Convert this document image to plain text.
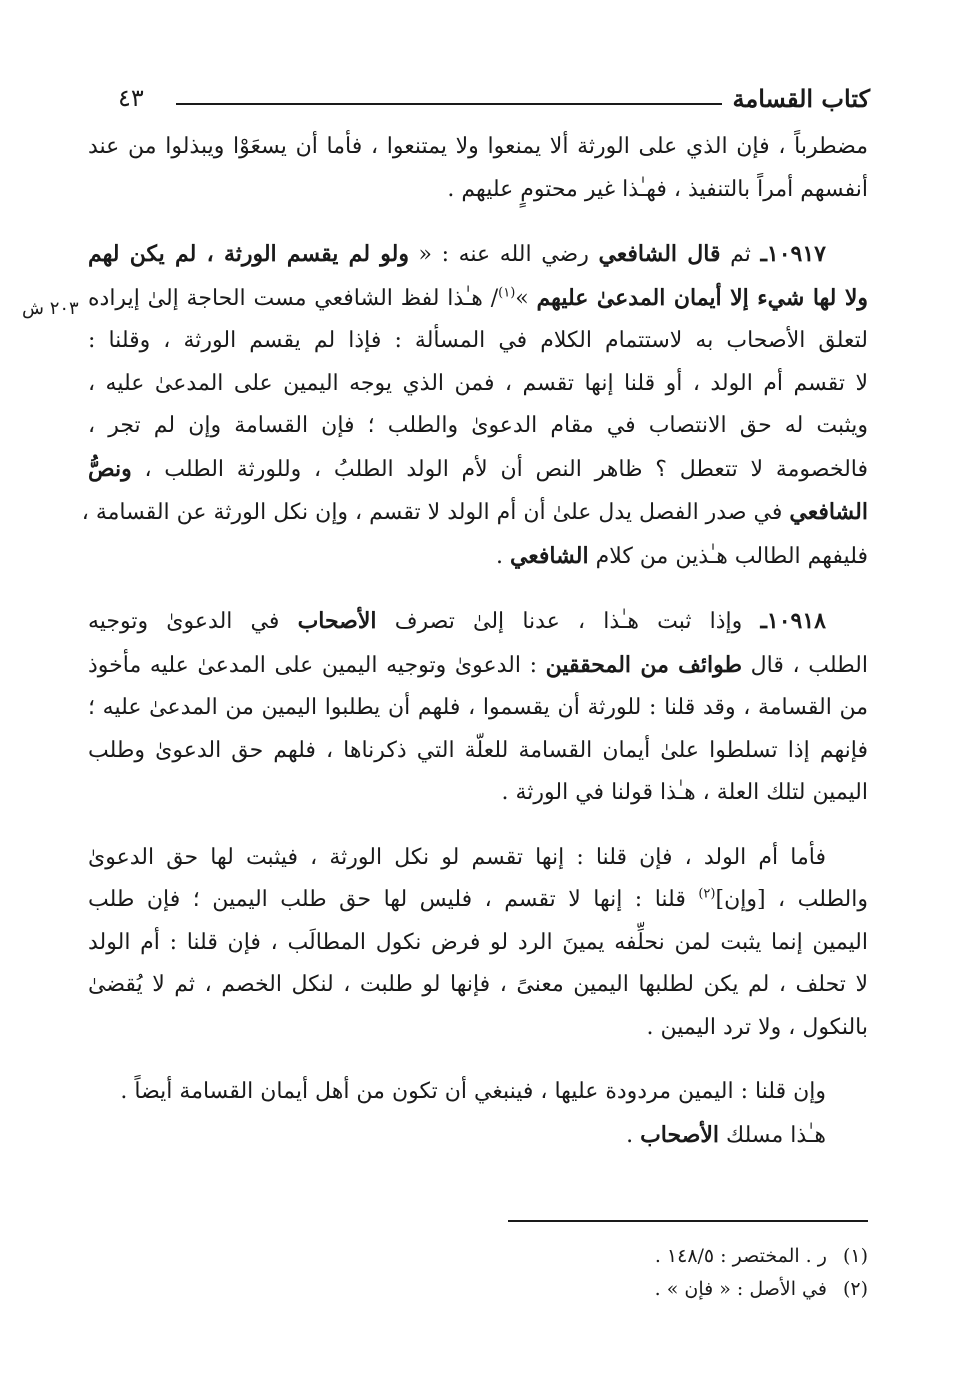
كتاب القسامة
٤٣
٢٠٣ ش

مضطرباً ، فإن الذي على الورثة ألا يمنعوا ولا يمتنعوا ، فأما أن يسعَوْا ويبذلوا من عند
أنفسهم أمراً بالتنفيذ ، فهـٰذا غير محتومٍ عليهم .

١٠٩١٧ـ ثم قال الشافعي رضي الله عنه : « ولو لم يقسم الورثة ، لم يكن لهم
ولا لها شيء إلا أيمان المدعىٰ عليهم »$^{(١)}$/ هـٰذا لفظ الشافعي مست الحاجة إلىٰ إيراده
لتعلق الأصحاب به لاستتمام الكلام في المسألة : فإذا لم يقسم الورثة ، وقلنا :
لا تقسم أم الولد ، أو قلنا إنها تقسم ، فمن الذي يوجه اليمين على المدعىٰ عليه ،
ويثبت له حق الانتصاب في مقام الدعوىٰ والطلب ؛ فإن القسامة وإن لم تجر ،
فالخصومة لا تتعطل ؟ ظاهر النص أن لأم الولد الطلبُ ، وللورثة الطلب ، ونصُّ
الشافعي في صدر الفصل يدل علىٰ أن أم الولد لا تقسم ، وإن نكل الورثة عن القسامة ،
فليفهم الطالب هـٰذين من كلام الشافعي .

١٠٩١٨ـ وإذا ثبت هـٰذا ، عدنا إلىٰ تصرف الأصحاب في الدعوىٰ وتوجيه
الطلب ، قال طوائف من المحققين : الدعوىٰ وتوجيه اليمين على المدعىٰ عليه مأخوذ
من القسامة ، وقد قلنا : للورثة أن يقسموا ، فلهم أن يطلبوا اليمين من المدعىٰ عليه ؛
فإنهم إذا تسلطوا علىٰ أيمان القسامة للعلّة التي ذكرناها ، فلهم حق الدعوىٰ وطلب
اليمين لتلك العلة ، هـٰذا قولنا في الورثة .

فأما أم الولد ، فإن قلنا : إنها تقسم لو نكل الورثة ، فيثبت لها حق الدعوىٰ
والطلب ، [وإن]$^{(٢)}$ قلنا : إنها لا تقسم ، فليس لها حق طلب اليمين ؛ فإن طلب
اليمين إنما يثبت لمن نحلِّفه يمينَ الرد لو فرض نكول المطالَب ، فإن قلنا : أم الولد
لا تحلف ، لم يكن لطلبها اليمين معنىً ، فإنها لو طلبت ، لنكل الخصم ، ثم لا يُقضىٰ
بالنكول ، ولا ترد اليمين .

وإن قلنا : اليمين مردودة عليها ، فينبغي أن تكون من أهل أيمان القسامة أيضاً .

هـٰذا مسلك الأصحاب .

(١)ر . المختصر : ١٤٨/٥ .
(٢)في الأصل : « فإن » .
